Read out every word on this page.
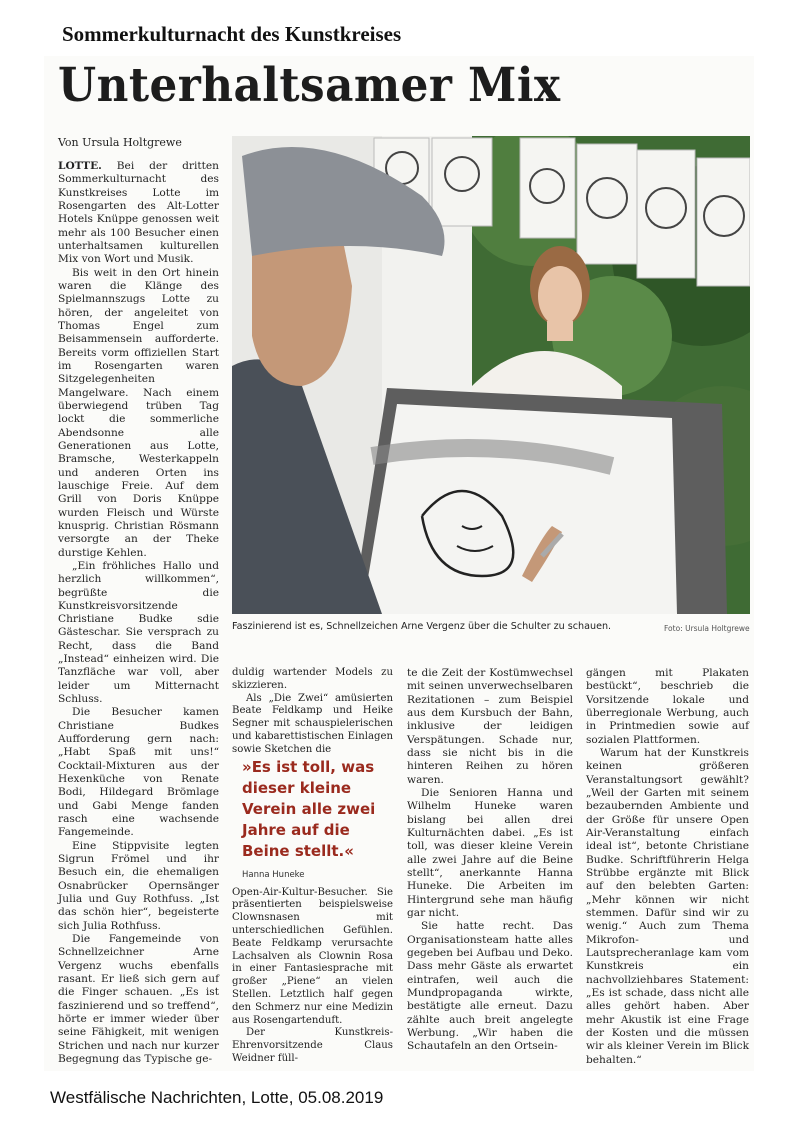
Sommerkulturnacht des Kunstkreises
Unterhaltsamer Mix
Von Ursula Holtgrewe

LOTTE. Bei der dritten Sommerkulturnacht des Kunstkreises Lotte im Rosengarten des Alt-Lotter Hotels Knüppe genossen weit mehr als 100 Besucher einen unterhaltsamen kulturellen Mix von Wort und Musik.

Bis weit in den Ort hinein waren die Klänge des Spielmannszugs Lotte zu hören, der angeleitet von Thomas Engel zum Beisammensein aufforderte. Bereits vorm offiziellen Start im Rosengarten waren Sitzgelegenheiten Mangelware. Nach einem überwiegend trüben Tag lockt die sommerliche Abendsonne alle Generationen aus Lotte, Bramsche, Westerkappeln und anderen Orten ins lauschige Freie. Auf dem Grill von Doris Knüppe wurden Fleisch und Würste knusprig. Christian Rösmann versorgte an der Theke durstige Kehlen.

„Ein fröhliches Hallo und herzlich willkommen“, begrüßte die Kunstkreisvorsitzende Christiane Budke sdie Gästeschar. Sie versprach zu Recht, dass die Band „Instead“ einheizen wird. Die Tanzfläche war voll, aber leider um Mitternacht Schluss.

Die Besucher kamen Christiane Budkes Aufforderung gern nach: „Habt Spaß mit uns!“ Cocktail-Mixturen aus der Hexenküche von Renate Bodi, Hildegard Brömlage und Gabi Menge fanden rasch eine wachsende Fangemeinde.

Eine Stippvisite legten Sigrun Frömel und ihr Besuch ein, die ehemaligen Osnabrücker Opernsänger Julia und Guy Rothfuss. „Ist das schön hier“, begeisterte sich Julia Rothfuss.

Die Fangemeinde von Schnellzeichner Arne Vergenz wuchs ebenfalls rasant. Er ließ sich gern auf die Finger schauen. „Es ist faszinierend und so treffend“, hörte er immer wieder über seine Fähigkeit, mit wenigen Strichen und nach nur kurzer Begegnung das Typische ge-

Faszinierend ist es, Schnellzeichen Arne Vergenz über die Schulter zu schauen.	Foto: Ursula Holtgrewe

duldig wartender Models zu skizzieren.

Als „Die Zwei“ amüsierten Beate Feldkamp und Heike Segner mit schauspielerischen und kabarettistischen Einlagen sowie Sketchen die

Open-Air-Kultur-Besucher. Sie präsentierten beispielsweise Clownsnasen mit unterschiedlichen Gefühlen. Beate Feldkamp verursachte Lachsalven als Clownin Rosa in einer Fantasiesprache mit großer „Piene“ an vielen Stellen. Letztlich half gegen den Schmerz nur eine Medizin aus Rosengartenduft.

Der Kunstkreis-Ehrenvorsitzende Claus Weidner füll-

»Es ist toll, was dieser kleine Verein alle zwei Jahre auf die Beine stellt.«

Hanna Huneke

te die Zeit der Kostümwechsel mit seinen unverwechselbaren Rezitationen – zum Beispiel aus dem Kursbuch der Bahn, inklusive der leidigen Verspätungen. Schade nur, dass sie nicht bis in die hinteren Reihen zu hören waren.

Die Senioren Hanna und Wilhelm Huneke waren bislang bei allen drei Kulturnächten dabei. „Es ist toll, was dieser kleine Verein alle zwei Jahre auf die Beine stellt“, anerkannte Hanna Huneke. Die Arbeiten im Hintergrund sehe man häufig gar nicht.

Sie hatte recht. Das Organisationsteam hatte alles gegeben bei Aufbau und Deko. Dass mehr Gäste als erwartet eintrafen, weil auch die Mundpropaganda wirkte, bestätigte alle erneut. Dazu zählte auch breit angelegte Werbung. „Wir haben die Schautafeln an den Ortsein-

gängen mit Plakaten bestückt“, beschrieb die Vorsitzende lokale und überregionale Werbung, auch in Printmedien sowie auf sozialen Plattformen.

Warum hat der Kunstkreis keinen größeren Veranstaltungsort gewählt? „Weil der Garten mit seinem bezaubernden Ambiente und der Größe für unsere Open Air-Veranstaltung einfach ideal ist“, betonte Christiane Budke. Schriftführerin Helga Strübbe ergänzte mit Blick auf den belebten Garten: „Mehr können wir nicht stemmen. Dafür sind wir zu wenig.“ Auch zum Thema Mikrofon- und Lautsprecheranlage kam vom Kunstkreis ein nachvollziehbares Statement: „Es ist schade, dass nicht alle alles gehört haben. Aber mehr Akustik ist eine Frage der Kosten und die müssen wir als kleiner Verein im Blick behalten.“

Westfälische Nachrichten, Lotte, 05.08.2019
